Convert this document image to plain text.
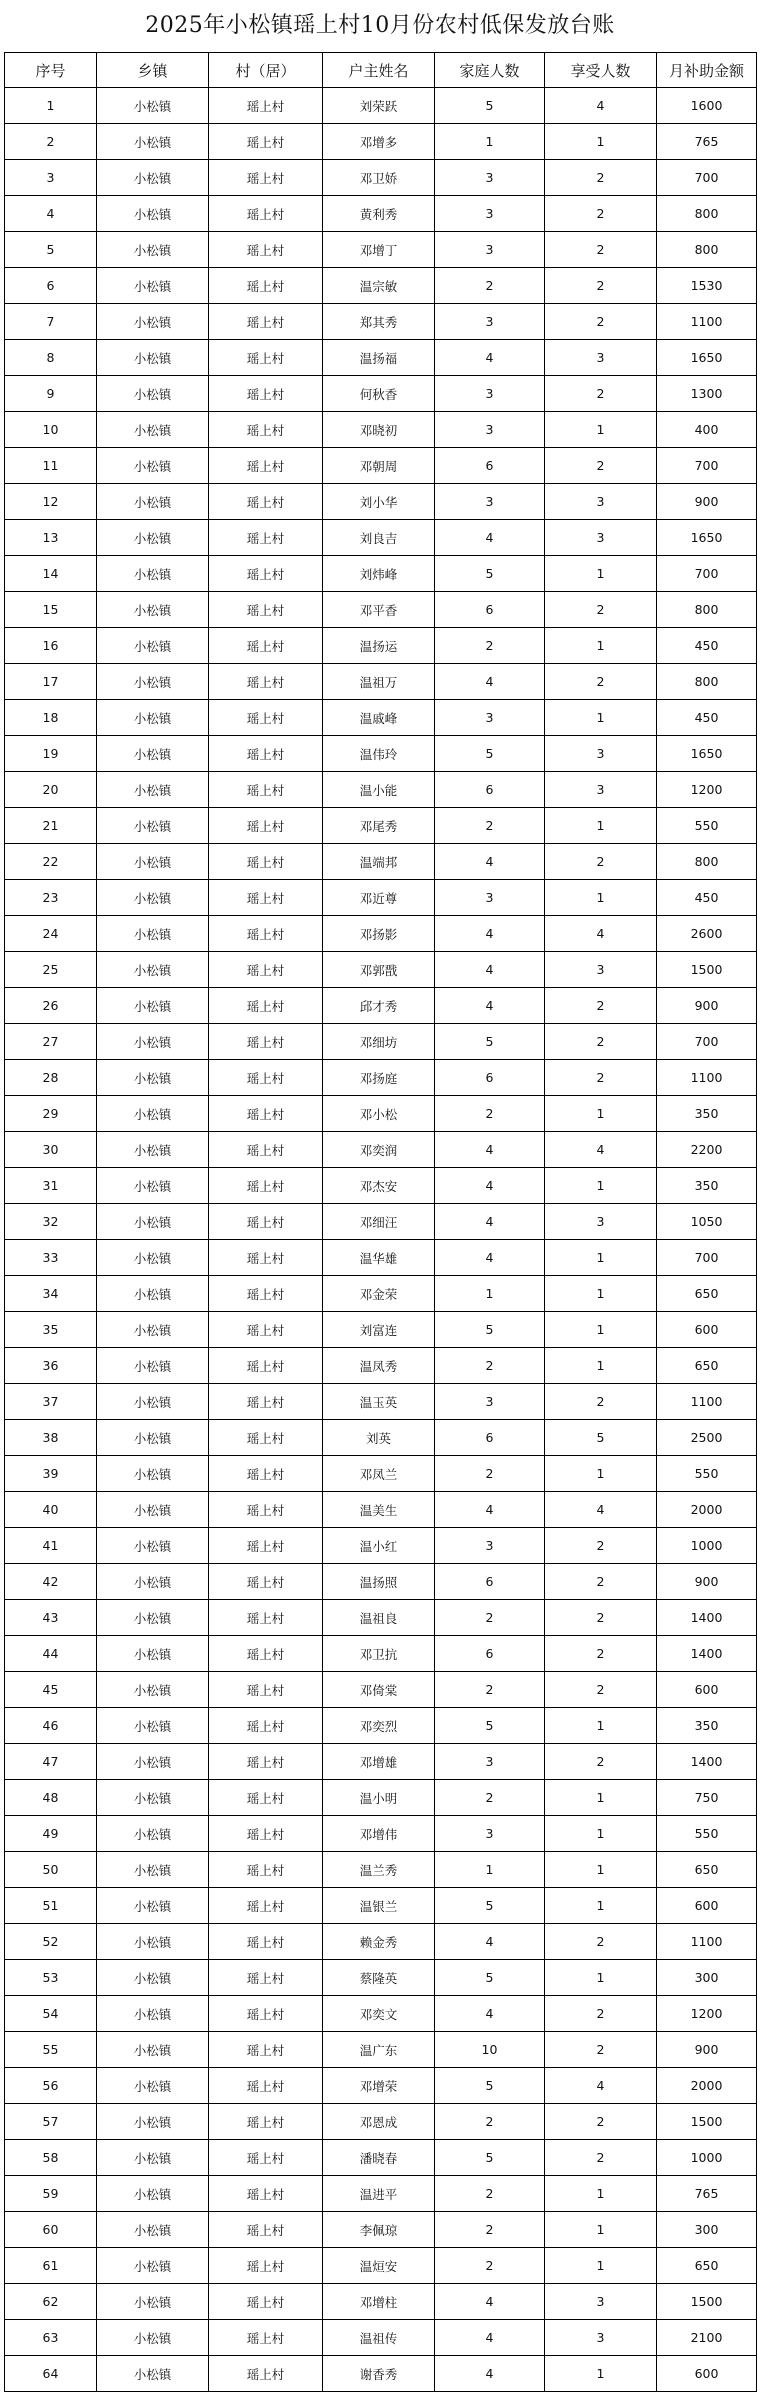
2025年小松镇瑶上村10月份农村低保发放台账
序号	乡镇	村（居）	户主姓名	家庭人数	享受人数	月补助金额
1	小松镇	瑶上村	刘荣跃	5	4	1600
2	小松镇	瑶上村	邓增多	1	1	765
3	小松镇	瑶上村	邓卫娇	3	2	700
4	小松镇	瑶上村	黄利秀	3	2	800
5	小松镇	瑶上村	邓增丁	3	2	800
6	小松镇	瑶上村	温宗敏	2	2	1530
7	小松镇	瑶上村	郑其秀	3	2	1100
8	小松镇	瑶上村	温扬福	4	3	1650
9	小松镇	瑶上村	何秋香	3	2	1300
10	小松镇	瑶上村	邓晓初	3	1	400
11	小松镇	瑶上村	邓朝周	6	2	700
12	小松镇	瑶上村	刘小华	3	3	900
13	小松镇	瑶上村	刘良吉	4	3	1650
14	小松镇	瑶上村	刘炜峰	5	1	700
15	小松镇	瑶上村	邓平香	6	2	800
16	小松镇	瑶上村	温扬运	2	1	450
17	小松镇	瑶上村	温祖万	4	2	800
18	小松镇	瑶上村	温戚峰	3	1	450
19	小松镇	瑶上村	温伟玲	5	3	1650
20	小松镇	瑶上村	温小能	6	3	1200
21	小松镇	瑶上村	邓尾秀	2	1	550
22	小松镇	瑶上村	温端邦	4	2	800
23	小松镇	瑶上村	邓近尊	3	1	450
24	小松镇	瑶上村	邓扬影	4	4	2600
25	小松镇	瑶上村	邓郭戬	4	3	1500
26	小松镇	瑶上村	邱才秀	4	2	900
27	小松镇	瑶上村	邓细坊	5	2	700
28	小松镇	瑶上村	邓扬庭	6	2	1100
29	小松镇	瑶上村	邓小松	2	1	350
30	小松镇	瑶上村	邓奕润	4	4	2200
31	小松镇	瑶上村	邓杰安	4	1	350
32	小松镇	瑶上村	邓细汪	4	3	1050
33	小松镇	瑶上村	温华雄	4	1	700
34	小松镇	瑶上村	邓金荣	1	1	650
35	小松镇	瑶上村	刘富连	5	1	600
36	小松镇	瑶上村	温凤秀	2	1	650
37	小松镇	瑶上村	温玉英	3	2	1100
38	小松镇	瑶上村	刘英	6	5	2500
39	小松镇	瑶上村	邓凤兰	2	1	550
40	小松镇	瑶上村	温美生	4	4	2000
41	小松镇	瑶上村	温小红	3	2	1000
42	小松镇	瑶上村	温扬照	6	2	900
43	小松镇	瑶上村	温祖良	2	2	1400
44	小松镇	瑶上村	邓卫抗	6	2	1400
45	小松镇	瑶上村	邓倚棠	2	2	600
46	小松镇	瑶上村	邓奕烈	5	1	350
47	小松镇	瑶上村	邓增雄	3	2	1400
48	小松镇	瑶上村	温小明	2	1	750
49	小松镇	瑶上村	邓增伟	3	1	550
50	小松镇	瑶上村	温兰秀	1	1	650
51	小松镇	瑶上村	温银兰	5	1	600
52	小松镇	瑶上村	赖金秀	4	2	1100
53	小松镇	瑶上村	蔡隆英	5	1	300
54	小松镇	瑶上村	邓奕文	4	2	1200
55	小松镇	瑶上村	温广东	10	2	900
56	小松镇	瑶上村	邓增荣	5	4	2000
57	小松镇	瑶上村	邓恩成	2	2	1500
58	小松镇	瑶上村	潘晓春	5	2	1000
59	小松镇	瑶上村	温进平	2	1	765
60	小松镇	瑶上村	李佩琼	2	1	300
61	小松镇	瑶上村	温烜安	2	1	650
62	小松镇	瑶上村	邓增柱	4	3	1500
63	小松镇	瑶上村	温祖传	4	3	2100
64	小松镇	瑶上村	谢香秀	4	1	600
